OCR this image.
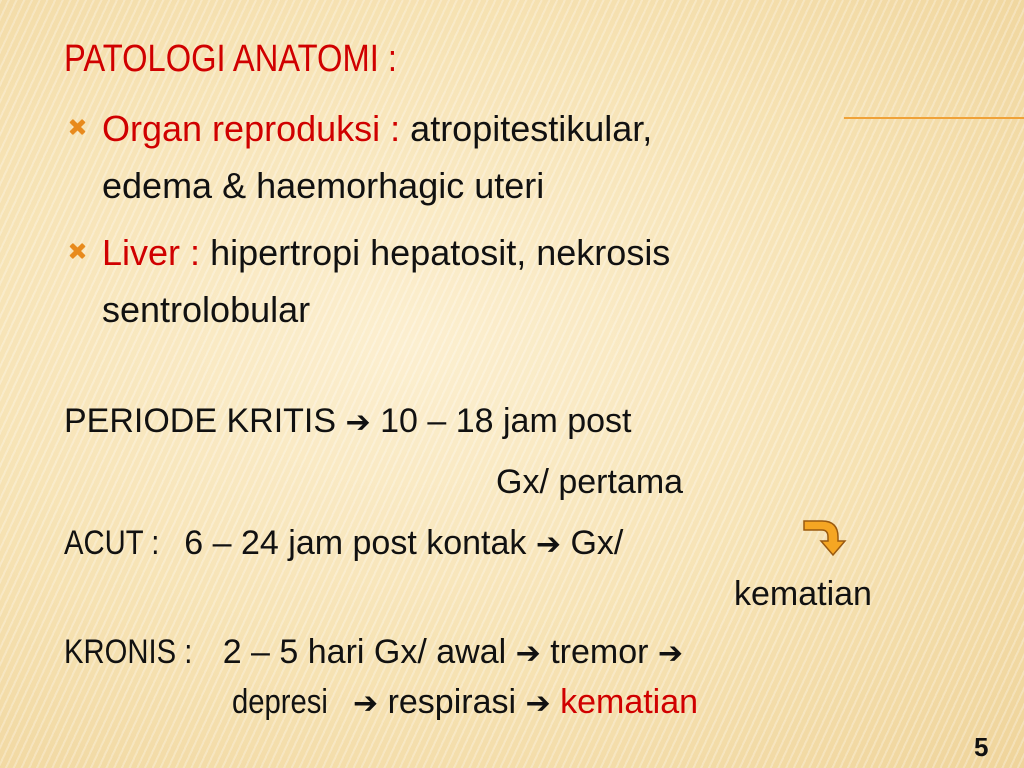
PATOLOGI ANATOMI :
Organ reproduksi : atropitestikular,
edema & haemorhagic uteri
Liver : hipertropi hepatosit, nekrosis
sentrolobular
PERIODE KRITIS ➔ 10 – 18 jam post
Gx/ pertama
ACUT : 6 – 24 jam post kontak ➔ Gx/
kematian
KRONIS : 2 – 5 hari Gx/ awal ➔ tremor ➔
depresi ➔ respirasi ➔ kematian
5
